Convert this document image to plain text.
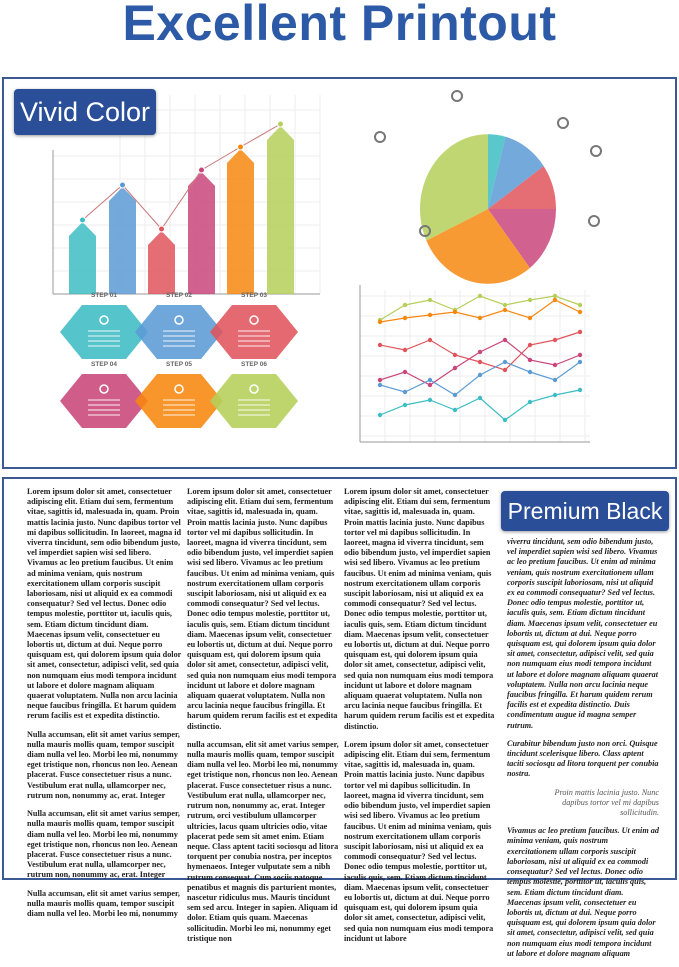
Excellent Printout
STEP 01	STEP 02	STEP 03
STEP 04	STEP 05	STEP 06
Vivid Color

Lorem ipsum dolor sit amet, consectetuer adipiscing elit. Etiam dui sem, fermentum vitae, sagittis id, malesuada in, quam. Proin mattis lacinia justo. Nunc dapibus tortor vel mi dapibus sollicitudin. In laoreet, magna id viverra tincidunt, sem odio bibendum justo, vel imperdiet sapien wisi sed libero. Vivamus ac leo pretium faucibus. Ut enim ad minima veniam, quis nostrum exercitationem ullam corporis suscipit laboriosam, nisi ut aliquid ex ea commodi consequatur? Sed vel lectus. Donec odio tempus molestie, porttitor ut, iaculis quis, sem. Etiam dictum tincidunt diam. Maecenas ipsum velit, consectetuer eu lobortis ut, dictum at dui. Neque porro quisquam est, qui dolorem ipsum quia dolor sit amet, consectetur, adipisci velit, sed quia non numquam eius modi tempora incidunt ut labore et dolore magnam aliquam quaerat voluptatem. Nulla non arcu lacinia neque faucibus fringilla. Et harum quidem rerum facilis est et expedita distinctio.

Nulla accumsan, elit sit amet varius semper, nulla mauris mollis quam, tempor suscipit diam nulla vel leo. Morbi leo mi, nonummy eget tristique non, rhoncus non leo. Aenean placerat. Fusce consectetuer risus a nunc. Vestibulum erat nulla, ullamcorper nec, rutrum non, nonummy ac, erat. Integer

Nulla accumsan, elit sit amet varius semper, nulla mauris mollis quam, tempor suscipit diam nulla vel leo. Morbi leo mi, nonummy eget tristique non, rhoncus non leo. Aenean placerat. Fusce consectetuer risus a nunc. Vestibulum erat nulla, ullamcorper nec, rutrum non, nonummy ac, erat. Integer

Nulla accumsan, elit sit amet varius semper, nulla mauris mollis quam, tempor suscipit diam nulla vel leo. Morbi leo mi, nonummy

Lorem ipsum dolor sit amet, consectetuer adipiscing elit. Etiam dui sem, fermentum vitae, sagittis id, malesuada in, quam. Proin mattis lacinia justo. Nunc dapibus tortor vel mi dapibus sollicitudin. In laoreet, magna id viverra tincidunt, sem odio bibendum justo, vel imperdiet sapien wisi sed libero. Vivamus ac leo pretium faucibus. Ut enim ad minima veniam, quis nostrum exercitationem ullam corporis suscipit laboriosam, nisi ut aliquid ex ea commodi consequatur? Sed vel lectus. Donec odio tempus molestie, porttitor ut, iaculis quis, sem. Etiam dictum tincidunt diam. Maecenas ipsum velit, consectetuer eu lobortis ut, dictum at dui. Neque porro quisquam est, qui dolorem ipsum quia dolor sit amet, consectetur, adipisci velit, sed quia non numquam eius modi tempora incidunt ut labore et dolore magnam aliquam quaerat voluptatem. Nulla non arcu lacinia neque faucibus fringilla. Et harum quidem rerum facilis est et expedita distinctio.

nulla accumsan, elit sit amet varius semper, nulla mauris mollis quam, tempor suscipit diam nulla vel leo. Morbi leo mi, nonummy eget tristique non, rhoncus non leo. Aenean placerat. Fusce consectetuer risus a nunc. Vestibulum erat nulla, ullamcorper nec, rutrum non, nonummy ac, erat. Integer rutrum, orci vestibulum ullamcorper ultricies, lacus quam ultricies odio, vitae placerat pede sem sit amet enim. Etiam neque. Class aptent taciti sociosqu ad litora torquent per conubia nostra, per inceptos hymenaeos. Integer vulputate sem a nibh rutrum consequat. Cum sociis natoque penatibus et magnis dis parturient montes, nascetur ridiculus mus. Mauris tincidunt sem sed arcu. Integer in sapien. Aliquam id dolor. Etiam quis quam. Maecenas sollicitudin. Morbi leo mi, nonummy eget tristique non

Lorem ipsum dolor sit amet, consectetuer adipiscing elit. Etiam dui sem, fermentum vitae, sagittis id, malesuada in, quam. Proin mattis lacinia justo. Nunc dapibus tortor vel mi dapibus sollicitudin. In laoreet, magna id viverra tincidunt, sem odio bibendum justo, vel imperdiet sapien wisi sed libero. Vivamus ac leo pretium faucibus. Ut enim ad minima veniam, quis nostrum exercitationem ullam corporis suscipit laboriosam, nisi ut aliquid ex ea commodi consequatur? Sed vel lectus. Donec odio tempus molestie, porttitor ut, iaculis quis, sem. Etiam dictum tincidunt diam. Maecenas ipsum velit, consectetuer eu lobortis ut, dictum at dui. Neque porro quisquam est, qui dolorem ipsum quia dolor sit amet, consectetur, adipisci velit, sed quia non numquam eius modi tempora incidunt ut labore et dolore magnam aliquam quaerat voluptatem. Nulla non arcu lacinia neque faucibus fringilla. Et harum quidem rerum facilis est et expedita distinctio.

Lorem ipsum dolor sit amet, consectetuer adipiscing elit. Etiam dui sem, fermentum vitae, sagittis id, malesuada in, quam. Proin mattis lacinia justo. Nunc dapibus tortor vel mi dapibus sollicitudin. In laoreet, magna id viverra tincidunt, sem odio bibendum justo, vel imperdiet sapien wisi sed libero. Vivamus ac leo pretium faucibus. Ut enim ad minima veniam, quis nostrum exercitationem ullam corporis suscipit laboriosam, nisi ut aliquid ex ea commodi consequatur? Sed vel lectus. Donec odio tempus molestie, porttitor ut, iaculis quis, sem. Etiam dictum tincidunt diam. Maecenas ipsum velit, consectetuer eu lobortis ut, dictum at dui. Neque porro quisquam est, qui dolorem ipsum quia dolor sit amet, consectetur, adipisci velit, sed quia non numquam eius modi tempora incidunt ut labore

viverra tincidunt, sem odio bibendum justo, vel imperdiet sapien wisi sed libero. Vivamus ac leo pretium faucibus. Ut enim ad minima veniam, quis nostrum exercitationem ullam corporis suscipit laboriosam, nisi ut aliquid ex ea commodi consequatur? Sed vel lectus. Donec odio tempus molestie, porttitor ut, iaculis quis, sem. Etiam dictum tincidunt diam. Maecenas ipsum velit, consectetuer eu lobortis ut, dictum at dui. Neque porro quisquam est, qui dolorem ipsum quia dolor sit amet, consectetur, adipisci velit, sed quia non numquam eius modi tempora incidunt ut labore et dolore magnam aliquam quaerat voluptatem. Nulla non arcu lacinia neque faucibus fringilla. Et harum quidem rerum facilis est et expedita distinctio. Duis condimentum augue id magna semper rutrum.

Curabitur bibendum justo non orci. Quisque tincidunt scelerisque libero. Class aptent taciti sociosqu ad litora torquent per conubia nostra.

Proin mattis lacinia justo. Nunc dapibus tortor vel mi dapibus sollicitudin.

Vivamus ac leo pretium faucibus. Ut enim ad minima veniam, quis nostrum exercitationem ullam corporis suscipit laboriosam, nisi ut aliquid ex ea commodi consequatur? Sed vel lectus. Donec odio tempus molestie, porttitor ut, iaculis quis, sem. Etiam dictum tincidunt diam. Maecenas ipsum velit, consectetuer eu lobortis ut, dictum at dui. Neque porro quisquam est, qui dolorem ipsum quia dolor sit amet, consectetur, adipisci velit, sed quia non numquam eius modi tempora incidunt ut labore et dolore magnam aliquam

Premium Black
